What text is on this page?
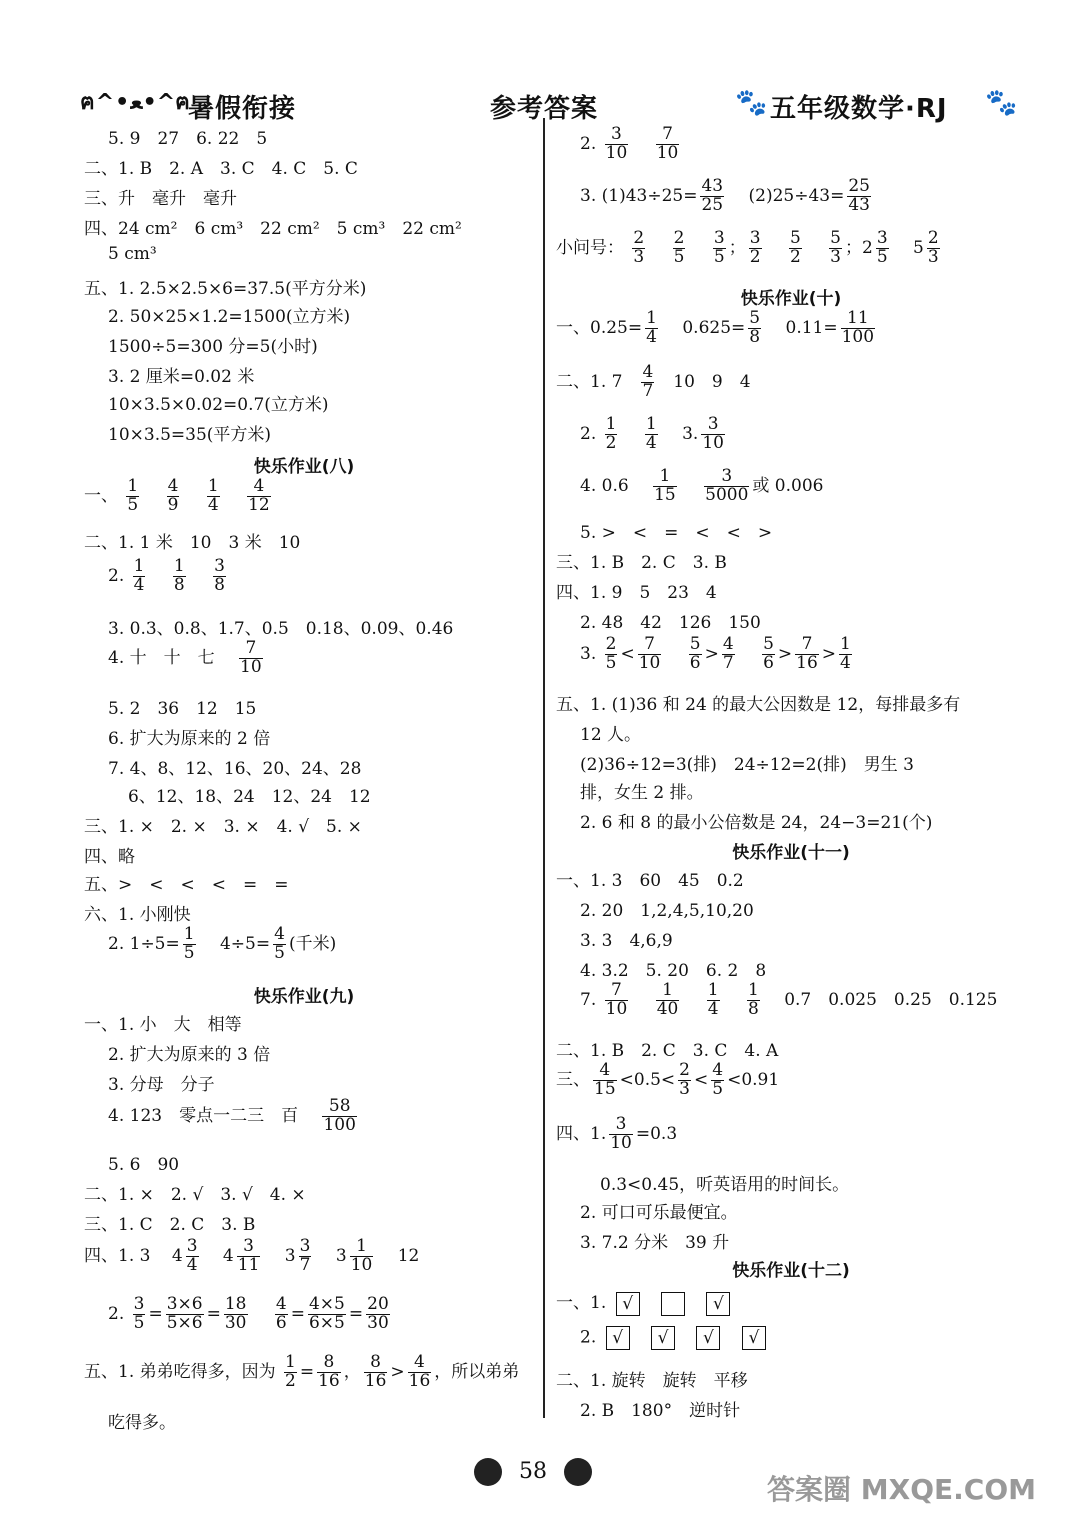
ฅ^•ﻌ•^ฅ
暑假衔接	参考答案	🐾 五年级数学·RJ 🐾
5. 9　27　6. 22　5
二、1. B　2. A　3. C　4. C　5. C
三、升　毫升　毫升
四、24 cm²　6 cm³　22 cm²　5 cm³　22 cm²
5 cm³
五、1. 2.5×2.5×6=37.5(平方分米)
2. 50×25×1.2=1500(立方米)
1500÷5=300 分=5(小时)
3. 2 厘米=0.02 米
10×3.5×0.02=0.7(立方米)
10×3.5=35(平方米)
快乐作业(八)
一、 $\frac{1}{5}$
$\frac{4}{9}$
$\frac{1}{4}$
$\frac{4}{12}$
二、1. 1 米　10　3 米　10
2. $\frac{1}{4}$
$\frac{1}{8}$
$\frac{3}{8}$
3. 0.3、0.8、1.7、0.5　0.18、0.09、0.46
4. 十　十　七 $\frac{7}{10}$
5. 2　36　12　15
6. 扩大为原来的 2 倍
7. 4、8、12、16、20、24、28
6、12、18、24　12、24　12
三、1. ×　2. ×　3. ×　4. √　5. ×
四、略
五、>　<　<　<　=　=
六、1. 小刚快
2. $1\div 5= \frac{1}{5} 4\div 5= \frac{4}{5}$ (千米)
快乐作业(九)
一、1. 小　大　相等
2. 扩大为原来的 3 倍
3. 分母　分子
4. 123　零点一二三　百 $\frac{58}{100}$
5. 6　90
二、1. ×　2. √　3. √　4. ×
三、1. C　2. C　3. B
四、1. 3 $4 \frac{3}{4} 4 \frac{3}{11} 3 \frac{3}{7} 3 \frac{1}{10} 12$
2. $\frac{3}{5} = \frac{3\times 6}{5\times 6} = \frac{18}{30}$
$\frac{4}{6} = \frac{4\times 5}{6\times 5} = \frac{20}{30}$
五、1. 弟弟吃得多，因为 $\frac{1}{2} = \frac{8}{16}$ ， $\frac{8}{16} > \frac{4}{16}$ ，所以弟弟
吃得多。
2. $\frac{3}{10}$
$\frac{7}{10}$
3. $(1)43\div 25= \frac{43}{25} (2)25\div 43= \frac{25}{43}$
小问号： $\frac{2}{3}$
$\frac{2}{5}$
$\frac{3}{5}$ ； $\frac{3}{2}$
$\frac{5}{2}$
$\frac{5}{3}$ ；$2 \frac{3}{5} 5 \frac{2}{3}$
快乐作业(十)
一、$0.25= \frac{1}{4} 0.625= \frac{5}{8} 0.11= \frac{11}{100}$
二、1. $7 \frac{4}{7} 10$　9　4
2. $\frac{1}{2}$
$\frac{1}{4} 3$. $\frac{3}{10}$
4. $0.6 \frac{1}{15}$
$\frac{3}{5000}$ 或 0.006
5. >　<　=　<　<　>
三、1. B　2. C　3. B
四、1. 9　5　23　4
2. 48　42　126　150
3. $\frac{2}{5} < \frac{7}{10}$
$\frac{5}{6} > \frac{4}{7}$
$\frac{5}{6} > \frac{7}{16} > \frac{1}{4}$
五、1. (1)36 和 24 的最大公因数是 12，每排最多有
12 人。
(2)36÷12=3(排)　24÷12=2(排)　男生 3
排，女生 2 排。
2. 6 和 8 的最小公倍数是 24，24−3=21(个)
快乐作业(十一)
一、1. 3　60　45　0.2
2. 20　1,2,4,5,10,20
3. 3　4,6,9
4. 3.2　5. 20　6. 2　8
7. $\frac{7}{10}$
$\frac{1}{40}$
$\frac{1}{4}$
$\frac{1}{8} 0.7$　0.025　0.25　0.125
二、1. B　2. C　3. C　4. A
三、 $\frac{4}{15} <0.5< \frac{2}{3} < \frac{4}{5} <0.91$
四、1. $\frac{3}{10} =0.3$
0.3<0.45，听英语用的时间长。
2. 可口可乐最便宜。
3. 7.2 分米　39 升
快乐作业(十二)
一、1. √	√
2. √ √ √ √
二、1. 旋转　旋转　平移
2. B　180°　逆时针
58
答案圈 MXQE.COM
